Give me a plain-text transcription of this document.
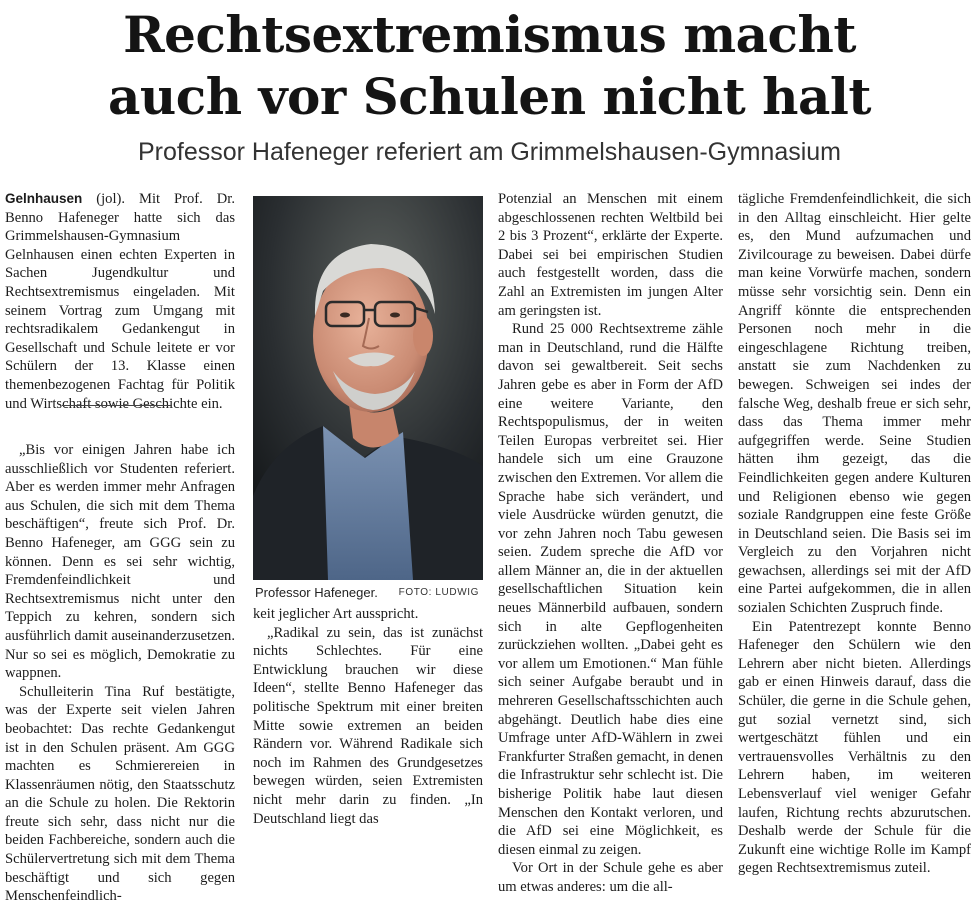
Rechtsextremismus macht
auch vor Schulen nicht halt

Professor Hafeneger referiert am Grimmelshausen-Gymnasium

Gelnhausen (jol). Mit Prof. Dr. Benno Hafeneger hatte sich das Grimmelshausen-Gymnasium Gelnhausen einen echten Experten in Sachen Jugendkultur und Rechtsextremismus eingeladen. Mit seinem Vortrag zum Umgang mit rechtsradikalem Gedankengut in Gesellschaft und Schule leitete er vor Schülern der 13. Klasse einen themenbezogenen Fachtag für Politik und Wirtschaft sowie Geschichte ein.

„Bis vor einigen Jahren habe ich ausschließlich vor Studenten referiert. Aber es werden immer mehr Anfragen aus Schulen, die sich mit dem Thema beschäftigen“, freute sich Prof. Dr. Benno Hafeneger, am GGG sein zu können. Denn es sei sehr wichtig, Fremdenfeindlichkeit und Rechtsextremismus nicht unter den Teppich zu kehren, sondern sich ausführlich damit auseinanderzusetzen. Nur so sei es möglich, Demokratie zu wappnen.

Schulleiterin Tina Ruf bestätigte, was der Experte seit vielen Jahren beobachtet: Das rechte Gedankengut ist in den Schulen präsent. Am GGG machten es Schmierereien in Klassenräumen nötig, den Staatsschutz an die Schule zu holen. Die Rektorin freute sich sehr, dass nicht nur die beiden Fachbereiche, sondern auch die Schülervertretung sich mit dem Thema beschäftigt und sich gegen Menschenfeindlich-

Professor Hafeneger. FOTO: LUDWIG

keit jeglicher Art ausspricht.

„Radikal zu sein, das ist zunächst nichts Schlechtes. Für eine Entwicklung brauchen wir diese Ideen“, stellte Benno Hafeneger das politische Spektrum mit einer breiten Mitte sowie extremen an beiden Rändern vor. Während Radikale sich noch im Rahmen des Grundgesetzes bewegen würden, seien Extremisten nicht mehr darin zu finden. „In Deutschland liegt das

Potenzial an Menschen mit einem abgeschlossenen rechten Weltbild bei 2 bis 3 Prozent“, erklärte der Experte. Dabei sei bei empirischen Studien auch festgestellt worden, dass die Zahl an Extremisten im jungen Alter am geringsten ist.

Rund 25 000 Rechtsextreme zähle man in Deutschland, rund die Hälfte davon sei gewaltbereit. Seit sechs Jahren gebe es aber in Form der AfD eine weitere Variante, den Rechtspopulismus, der in weiten Teilen Europas verbreitet sei. Hier handele sich um eine Grauzone zwischen den Extremen. Vor allem die Sprache habe sich verändert, und viele Ausdrücke würden genutzt, die vor zehn Jahren noch Tabu gewesen seien. Zudem spreche die AfD vor allem Männer an, die in der aktuellen gesellschaftlichen Situation kein neues Männerbild aufbauen, sondern sich in alte Gepflogenheiten zurückziehen wollten. „Dabei geht es vor allem um Emotionen.“ Man fühle sich seiner Aufgabe beraubt und in mehreren Gesellschaftsschichten auch abgehängt. Deutlich habe dies eine Umfrage unter AfD-Wählern in zwei Frankfurter Straßen gemacht, in denen die Infrastruktur sehr schlecht ist. Die bisherige Politik habe laut diesen Menschen den Kontakt verloren, und die AfD sei eine Möglichkeit, es diesen einmal zu zeigen.

Vor Ort in der Schule gehe es aber um etwas anderes: um die all-

tägliche Fremdenfeindlichkeit, die sich in den Alltag einschleicht. Hier gelte es, den Mund aufzumachen und Zivilcourage zu beweisen. Dabei dürfe man keine Vorwürfe machen, sondern müsse sehr vorsichtig sein. Denn ein Angriff könnte die entsprechenden Personen noch mehr in die eingeschlagene Richtung treiben, anstatt sie zum Nachdenken zu bewegen. Schweigen sei indes der falsche Weg, deshalb freue er sich sehr, dass das Thema immer mehr aufgegriffen werde. Seine Studien hätten ihm gezeigt, das die Feindlichkeiten gegen andere Kulturen und Religionen ebenso wie gegen soziale Randgruppen eine feste Größe in Deutschland seien. Die Basis sei im Vergleich zu den Vorjahren nicht gewachsen, allerdings sei mit der AfD eine Partei aufgekommen, die in allen sozialen Schichten Zuspruch finde.

Ein Patentrezept konnte Benno Hafeneger den Schülern wie den Lehrern aber nicht bieten. Allerdings gab er einen Hinweis darauf, dass die Schüler, die gerne in die Schule gehen, gut sozial vernetzt sind, sich wertgeschätzt fühlen und ein vertrauensvolles Verhältnis zu den Lehrern haben, im weiteren Lebensverlauf viel weniger Gefahr laufen, Richtung rechts abzurutschen. Deshalb werde der Schule für die Zukunft eine wichtige Rolle im Kampf gegen Rechtsextremismus zuteil.
